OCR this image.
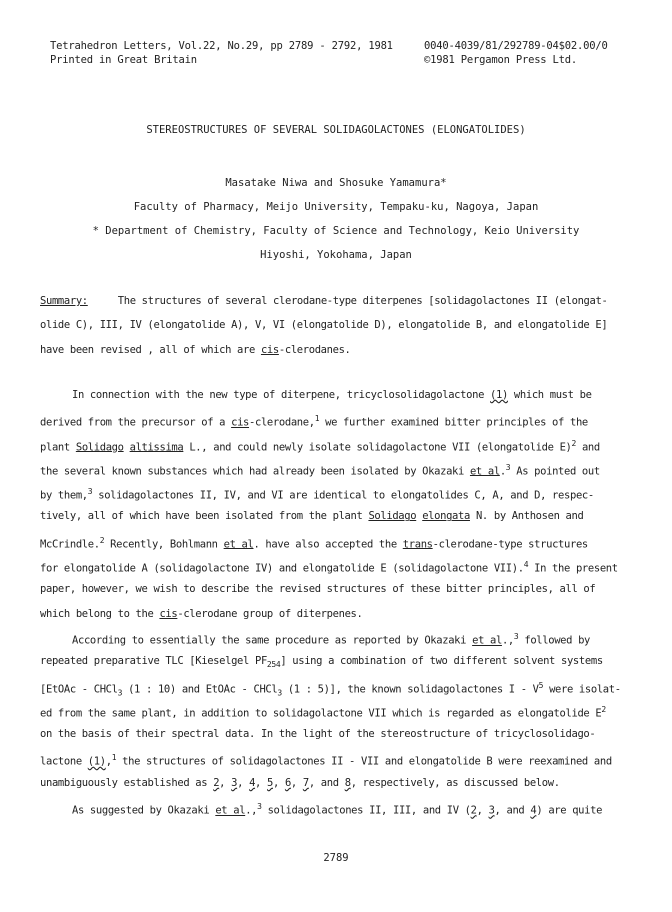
Tetrahedron Letters, Vol.22, No.29, pp 2789 - 2792, 1981
Printed in Great Britain
0040-4039/81/292789-04$02.00/0
©1981 Pergamon Press Ltd.
STEREOSTRUCTURES OF SEVERAL SOLIDAGOLACTONES (ELONGATOLIDES)
Masatake Niwa and Shosuke Yamamura*
Faculty of Pharmacy, Meijo University, Tempaku-ku, Nagoya, Japan
* Department of Chemistry, Faculty of Science and Technology, Keio University
Hiyoshi, Yokohama, Japan
Summary:	The structures of several clerodane-type diterpenes [solidagolactones II (elongat-
olide C), III, IV (elongatolide A), V, VI (elongatolide D), elongatolide B, and elongatolide E]
have been revised , all of which are cis-clerodanes.
In connection with the new type of diterpene, tricyclosolidagolactone (1) which must be
derived from the precursor of a cis-clerodane,$^1$ we further examined bitter principles of the
plant Solidago altissima L., and could newly isolate solidagolactone VII (elongatolide E)$^2$ and
the several known substances which had already been isolated by Okazaki et al.$^3$ As pointed out
by them,$^3$ solidagolactones II, IV, and VI are identical to elongatolides C, A, and D, respec-
tively, all of which have been isolated from the plant Solidago elongata N. by Anthosen and
McCrindle.$^2$ Recently, Bohlmann et al. have also accepted the trans-clerodane-type structures
for elongatolide A (solidagolactone IV) and elongatolide E (solidagolactone VII).$^4$ In the present
paper, however, we wish to describe the revised structures of these bitter principles, all of
which belong to the cis-clerodane group of diterpenes.
According to essentially the same procedure as reported by Okazaki et al.,$^3$ followed by
repeated preparative TLC [Kieselgel $PF_{254}$] using a combination of two different solvent systems
[EtOAc - CHCl$_3$ (1 : 10) and EtOAc - CHCl$_3$ (1 : 5)], the known solidagolactones I - $V^5$ were isolat-
ed from the same plant, in addition to solidagolactone VII which is regarded as elongatolide $E^2$
on the basis of their spectral data. In the light of the stereostructure of tricyclosolidago-
lactone (1),$^1$ the structures of solidagolactones II - VII and elongatolide B were reexamined and
unambiguously established as 2, 3, 4, 5, 6, 7, and 8, respectively, as discussed below.
As suggested by Okazaki et al.,$^3$ solidagolactones II, III, and IV (2, 3, and 4) are quite
2789
